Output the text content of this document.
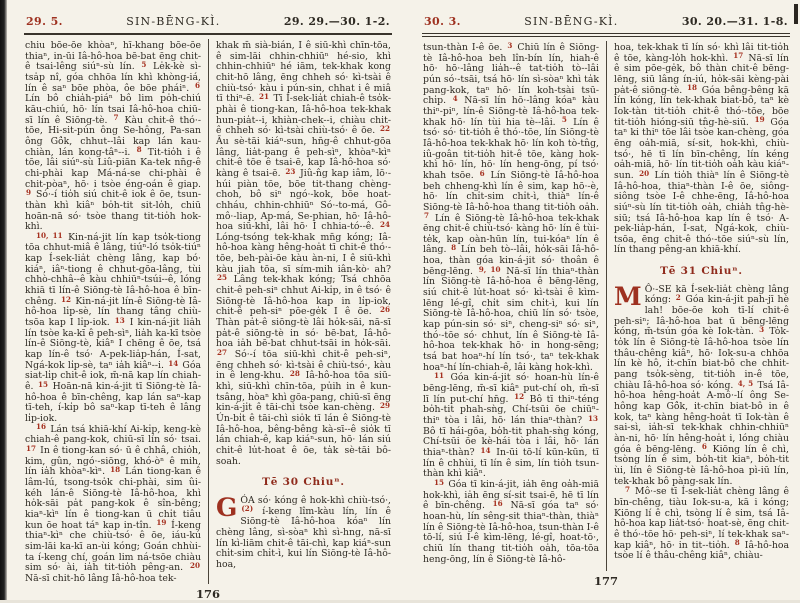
29. 5.	SIN-BĒNG-KÌ.	29. 29.—30. 1-2.

chiu bōe-ōe khòaⁿ, hī-khang bōe-ōe thiaⁿ, in-ūi Iâ-hô-hoa bē-bat ēng chit-ê tsai-lêng siúⁿ-sù lín. $^5$ Le̍k-kè sì-tsa̍p nî, góa chhōa lín khì khòng-iá, lín ê saⁿ bōe phòa, ôe bōe pháiⁿ. $^6$ Lín bô chia̍h-piáⁿ bô lim po̍h-chiú kāu-chiú, hō· lín tsai Iâ-hô-hoa chiū-sī lín ê Siōng-tè. $^7$ Kàu chit-ê thó·-tōe, Hi-sit-pún ông Se-hông, Pa-san ông Gô̍k, chhut--lâi kap lán kau-chiàn, lán kong-tâⁿ--i. $^8$ Tit-tio̍h i ê tōe, lâi siúⁿ-sù Liû-piān Ka-tek nn̄g-ê chi-phài kap Má-ná-se chi-phài ê chit-pòaⁿ, hō· i tsòe éng-oán ê giap. $^9$ Só·-í tio̍h siú chit-ê iok ê ōe, tsun-thàn khì kiâⁿ bo̍h-tit sit-lo̍h, chiū hoān-nā só· tsòe thang tit-tio̍h hok-khì.

$^{10, 11}$ Kin-ná-jit lín kap tso̍k-tiong tōa chhut-miâ ê lâng, tiúⁿ-ló tso̍k-tiúⁿ kap Í-sek-lia̍t chèng lâng, kap bó· kiáⁿ, iâⁿ-tiong ê chhut-gōa-lâng, tùi chhò-chhâ--ê kàu chhiūⁿ-tsúi--ê, lóng khiā tī lín-ê Siōng-tè Iâ-hô-hoa ê bīn-chêng. $^{12}$ Kin-ná-jit lín-ê Siōng-tè Iâ-hô-hoa li̍p-sè, lín thang tâng chiù-tsōa kap I li̍p-iok. $^{13}$ I kin-ná-jit lia̍h lín tsòe ka-kī ê peh-sìⁿ, lia̍h ka-kī tsòe lín-ê Siōng-tè, kiâⁿ I chēng ê ōe, tsá kap lín-ê tsó· A-pek-lia̍p-hán, Í-sat, Ngá-kok li̍p-sè, taⁿ ia̍h kiâⁿ--i. $^{14}$ Góa siat-li̍p chit-ê iok, m̄-nā kap lín chiah-ê. $^{15}$ Hoān-nā kin-á-jit tī Siōng-tè Iâ-hô-hoa ê bīn-chêng, kap lán saⁿ-kap tī-teh, í-ki̍p bô saⁿ-kap tī-teh ê lâng li̍p-iok.

$^{16}$ Lán tsá khiā-khí Ai-ki̍p, keng-kè chiah-ê pang-kok, chiū-sī lín só· tsai. $^{17}$ In ê tiong-kan só· ū ê chhâ, chio̍h, kim, gûn, ngó·-siōng, khó-òⁿ ê mih, lín ia̍h khòaⁿ-kìⁿ. $^{18}$ Lán tiong-kan ê lâm-lú, tsong-tso̍k chi-phài, sim ûi-kéh lán-ê Siōng-tè Iâ-hô-hoa, khì ho̍k-sāi pa̍t pang-kok ê sîn-bêng; kiaⁿ-kìⁿ lín ê tiong-kan ū chi̍t tiâu kun ōe hoat táⁿ kap in-tîn. $^{19}$ Í-keng thiaⁿ-kìⁿ che chiù-tsó· ê ōe, iáu-kú sim-lāi ka-kī an-ùi kóng; Goán chhùi-ta í-keng chí, goán lim ná-tsōe chiàu sim só· ài, ia̍h tit-tio̍h pêng-an. $^{20}$ Nā-sī chit-hō lâng Iâ-hô-hoa tek-

khak m̄ sià-bián, I ê siū-khì chīn-tōa, ê sim-lāi chhin-chhiūⁿ hé-sio, khì chhin-chhiūⁿ hé iām, tek-khak kong chit-hō lâng, ēng chheh só· kì-tsài ê chiù-tsó· kàu i pún-sin, chhat i ê miâ tī thiⁿ-ē. $^{21}$ Tī Í-sek-lia̍t chiah-ê tso̍k-phài ê tiong-kan, Iâ-hô-hoa tek-khak hun-pia̍t--i, khiàn-chek--i, chiàu chit-ê chheh só· kì-tsài chiù-tsó· ê ōe. $^{22}$ Āu sè-tāi kiáⁿ-sun, hn̄g-ê chhut-gōa lâng, lia̍t-pang ê peh-sìⁿ, khòaⁿ-kìⁿ chit-ê tōe ê tsai-ē, kap Iâ-hô-hoa só· kàng ê tsai-ē. $^{23}$ Jiû-n̂g kap iâm, lō·-húi piàn tōe, bōe tit-thang chèng-choh, bô siⁿ ngó·-kok, bōe hoat-chháu, chhin-chhiūⁿ Só·-to-má, Gô-mô·-liap, Ap-má, Se-phian, hō· Iâ-hô-hoa siū-khì, lâi hō· I chhia-tó--ê. $^{24}$ Lóng-tsóng tek-khak mn̄g kóng; Iâ-hô-hoa kàng hêng-hoa̍t tī chit-ê thó·-tōe, beh-pài-ōe kàu àn-ni, I ê siū-khì kàu jiah tōa, sī sím-mih iân-kò· ah? $^{25}$ Lâng tek-khak kóng; Tsá chhōa chit-ê peh-siⁿ chhut Ai-ki̍p, in ê tsó· ê Siōng-tè Iâ-hô-hoa kap in li̍p-iok, chit-ê peh-siⁿ pōe-ge̍k I ê ōe. $^{26}$ Thàn pa̍t-ê siōng-tè lâi ho̍k-sāi, nā-sī pa̍t-ê siōng-tè in só· bē-bat, Iâ-hô-hoa ia̍h bē-bat chhut-tsāi in ho̍k-sāi. $^{27}$ Só·-í tōa siū-khì chit-ê peh-siⁿ, ēng chheh só· kì-tsài ê chiù-tsó·, kàu in ê leng-khu. $^{28}$ Iâ-hô-hoa tōa siū-khì, siū-khì chīn-tōa, pu̍ih in ê kun-tsâng, hòaⁿ khì gōa-pang, chiū-sī ēng kin-á-ji̍t ê tāi-chì tsòe kan-chèng. $^{29}$ Ún-bi̍t ê tāi-chì sio̍k tī lán ê Siōng-tè Iâ-hô-hoa, bêng-bêng kà-sī--ê sio̍k tī lán chiah-ê, kap kiáⁿ-sun, hō· lán siú chit-ê lu̍t-hoat ê ōe, ta̍k sè-tāi bô-soah.

Tē 30 Chiuⁿ.

GÓA só· kóng ê hok-khì chiù-tsó·, $^{(2)}$ í-keng lîm-kàu lín, lín ê Siōng-tè Iâ-hô-hoa kóaⁿ lín chèng lâng, sì-sòaⁿ khì sì-hng, nā-sī lín kì-liām chit-ê tāi-chì, kap kiáⁿ-sun chi̍t-sim chi̍t-ì, kui lín Siōng-tè Iâ-hô-hoa,

176
30. 3.	SIN-BĒNG-KÌ.	30. 20.—31. 1-8.

tsun-thàn I-ê ōe. $^3$ Chiū lín ê Siōng-tè Iâ-hô-hoa beh lîn-bín lín, hiah-ê hō· hō·-lâng lia̍h--ê tat-tio̍h tò--lâi pún só·-tsāi, tsá hō· lín sì-sòaⁿ khì ta̍k pang-kok, taⁿ hō· lín koh-tsài tsū-chi̍p. $^4$ Nā-sī lín hō·-lâng kóaⁿ kàu thiⁿ-piⁿ, lín-ê Siōng-tè Iâ-hô-hoa tek-khak hō· lín tùi hia tè--lâi. $^5$ Lín ê tsó· só· tit-tio̍h ê thó·-tōe, lín Siōng-tè Iâ-hô-hoa tek-khak hō· lín koh tò-tn̂g, iû-goân tit-tio̍h hit-ê tōe, kàng hok-khì hō· lín, hō· lín heng-ōng, pí tsó· khah tsōe. $^6$ Lín Siōng-tè Iâ-hô-hoa beh chheng-khì lín ê sim, kap hō·-è, hō· lín chi̍t-sim chi̍t-ì, thiàⁿ lín-ê Siōng-tè Iâ-hô-hoa thang tit-tio̍h oa̍h. $^7$ Lín ê Siōng-tè Iâ-hô-hoa tek-khak ēng chit-ê chiù-tsó· kàng hō· lín ê tùi-te̍k, kap oàn-hūn lín, tui-kóaⁿ lín ê lâng. $^8$ Lín beh tò--lâi, ho̍k-sāi Iâ-hô-hoa, thàn góa kin-á-jit só· thoân ê bēng-lēng. $^{9, 10}$ Nā-sī lín thiaⁿ-thàn lín Siōng-tè Iâ-hô-hoa ê bēng-lēng, siú chit-ê lu̍t-hoat só· kì-tsài ê kìm-lēng lé-gî, chi̍t sim chi̍t-ì, kui lín Siōng-tè Iâ-hô-hoa, chiū lín só· tsòe, kap pún-sin só· siⁿ, cheng-siⁿ só· siⁿ, thó·-tōe só· chhut, lín ê Siōng-tè Iâ-hô-hoa tek-khak hō· in hong-sēng; tsá bat hoaⁿ-hí lín tsó·, taⁿ tek-khak hoaⁿ-hí lín-chiah-ê, lâi kàng hok-khì.

$^{11}$ Góa kin-á-jit só· hoan-hù lín-ê bēng-lēng, m̄-sī kiâⁿ put-chí oh, m̄-sī lī lín put-chí hn̄g. $^{12}$ Bô tī thiⁿ-téng bo̍h-tit phah-sǹg, Chí-tsūi ōe chiūⁿ-thiⁿ tòa i lâi, hō· lán thiaⁿ-thàn? $^{13}$ Bô tī hái-gōa, bo̍h-tit phah-sǹg kóng, Chí-tsūi ōe kè-hái tòa i lâi, hō· lán thiaⁿ-thàn? $^{14}$ In-ūi tō-lí kūn-kūn, tī lín ê chhùi, tī lín ê sim, lín tio̍h tsun-thàn khì kiâⁿ.

$^{15}$ Góa tī kin-á-jit, ia̍h ēng oa̍h-miā hok-khì, ia̍h ēng sí-sit tsai-ē, hē tī lín ê bīn-chêng. $^{16}$ Nā-sī góa taⁿ só· hoan-hù, lín sêng-sit thiaⁿ-thàn, thiàⁿ lín ê Siōng-tè Iâ-hô-hoa, tsun-thàn I-ê tō-lí, siú I-ê kìm-lēng, lé-gî, hoat-tō·, chiū lín thang tit-tio̍h oa̍h, tōa-tōa heng-ōng, lín ê Siōng-tè Iâ-hô-

hoa, tek-khak tī lín só· khì lâi tit-tio̍h ê tōe, kàng-lo̍h hok-khì. $^{17}$ Nā-sī lín ê sim pōe-ge̍k, bô thàn chit-ê bēng-lēng, siū lâng ín-iú, ho̍k-sāi kèng-pài pa̍t-ê siōng-tè. $^{18}$ Góa bêng-bêng kā lín kóng, lín tek-khak biat-bô, taⁿ kè Iok-tàn tit-tio̍h chit-ê thó·-tōe, bōe tit-tio̍h hióng-siū tn̂g-hè-siū. $^{19}$ Góa taⁿ ki thiⁿ tōe lâi tsòe kan-chèng, góa ēng oa̍h-miā, sí-sit, hok-khì, chiù-tsó·, hē tī lín bīn-chêng, lín kéng oa̍h-miā, hō· lín tit-tio̍h oa̍h kàu kiáⁿ-sun. $^{20}$ Lín tio̍h thiàⁿ lín ê Siōng-tè Iâ-hô-hoa, thiaⁿ-thàn I-ê ōe, siông-siông tsòe I-ê chhe-ēng, Iâ-hô-hoa siúⁿ-sù lín tit-tio̍h oa̍h, chia̍h tn̂g-hè-siū; tsá Iâ-hô-hoa kap lín ê tsó· A-pek-lia̍p-hán, Í-sat, Ngá-kok, chiù-tsōa, ēng chit-ê thó·-tōe siúⁿ-sù lín, lín thang pêng-an khiā-khí.

Tē 31 Chiuⁿ.

M Ô·-SE kā Í-sek-lia̍t chèng lâng kóng: $^2$ Góa kin-á-jit pah-jī hè lah! bōe-ōe koh tī-lí chit-ê peh-siⁿ; Iâ-hô-hoa bat ū bēng-lēng kóng, m̄-tsún góa kè Iok-tàn. $^3$ To̍k-to̍k lín ê Siōng-tè Iâ-hô-hoa tsòe lín thâu-chêng kiâⁿ, hō· Iok-su-a chhōa lín kè hô, it-chīn biat-bô che chhit-pang tso̍k-sèng, tit-tio̍h in-ê tōe, chiàu Iâ-hô-hoa só· kóng. $^{4, 5}$ Tsá Iâ-hô-hoa hêng-hoa̍t A-mô·-lí ông Se-hông kap Gô̍k, it-chīn biat-bô in ê kok, taⁿ kàng hêng-hoa̍t tī Iok-tàn ê sai-sì, ia̍h-sī tek-khak chhin-chhiūⁿ àn-ni, hō· lín hêng-hoa̍t i, lóng chiàu góa ê bēng-lēng. $^6$ Kiōng lín ê chì, tsòng lín ê sim, bo̍h-tit kiaⁿ, bo̍h-tit ùi, lín ê Siōng-tè Iâ-hô-hoa pì-iū lín, tek-khak bô pàng-sak lín.

$^7$ Mô·-se tī Í-sek-lia̍t chèng lâng ê bīn-chêng, tiàu Iok-su-a, kā i kóng; Kiōng lí ê chì, tsòng lí ê sim, tsá Iâ-hô-hoa kap lia̍t-tsó· hoat-sè, ēng chit-ê thó·-tōe hō· peh-siⁿ, lí tek-khak saⁿ-kap kiâⁿ, hō· in tit--tio̍h. $^8$ Iâ-hô-hoa tsòe lí ê thâu-chêng kiâⁿ, chiàu-

177
